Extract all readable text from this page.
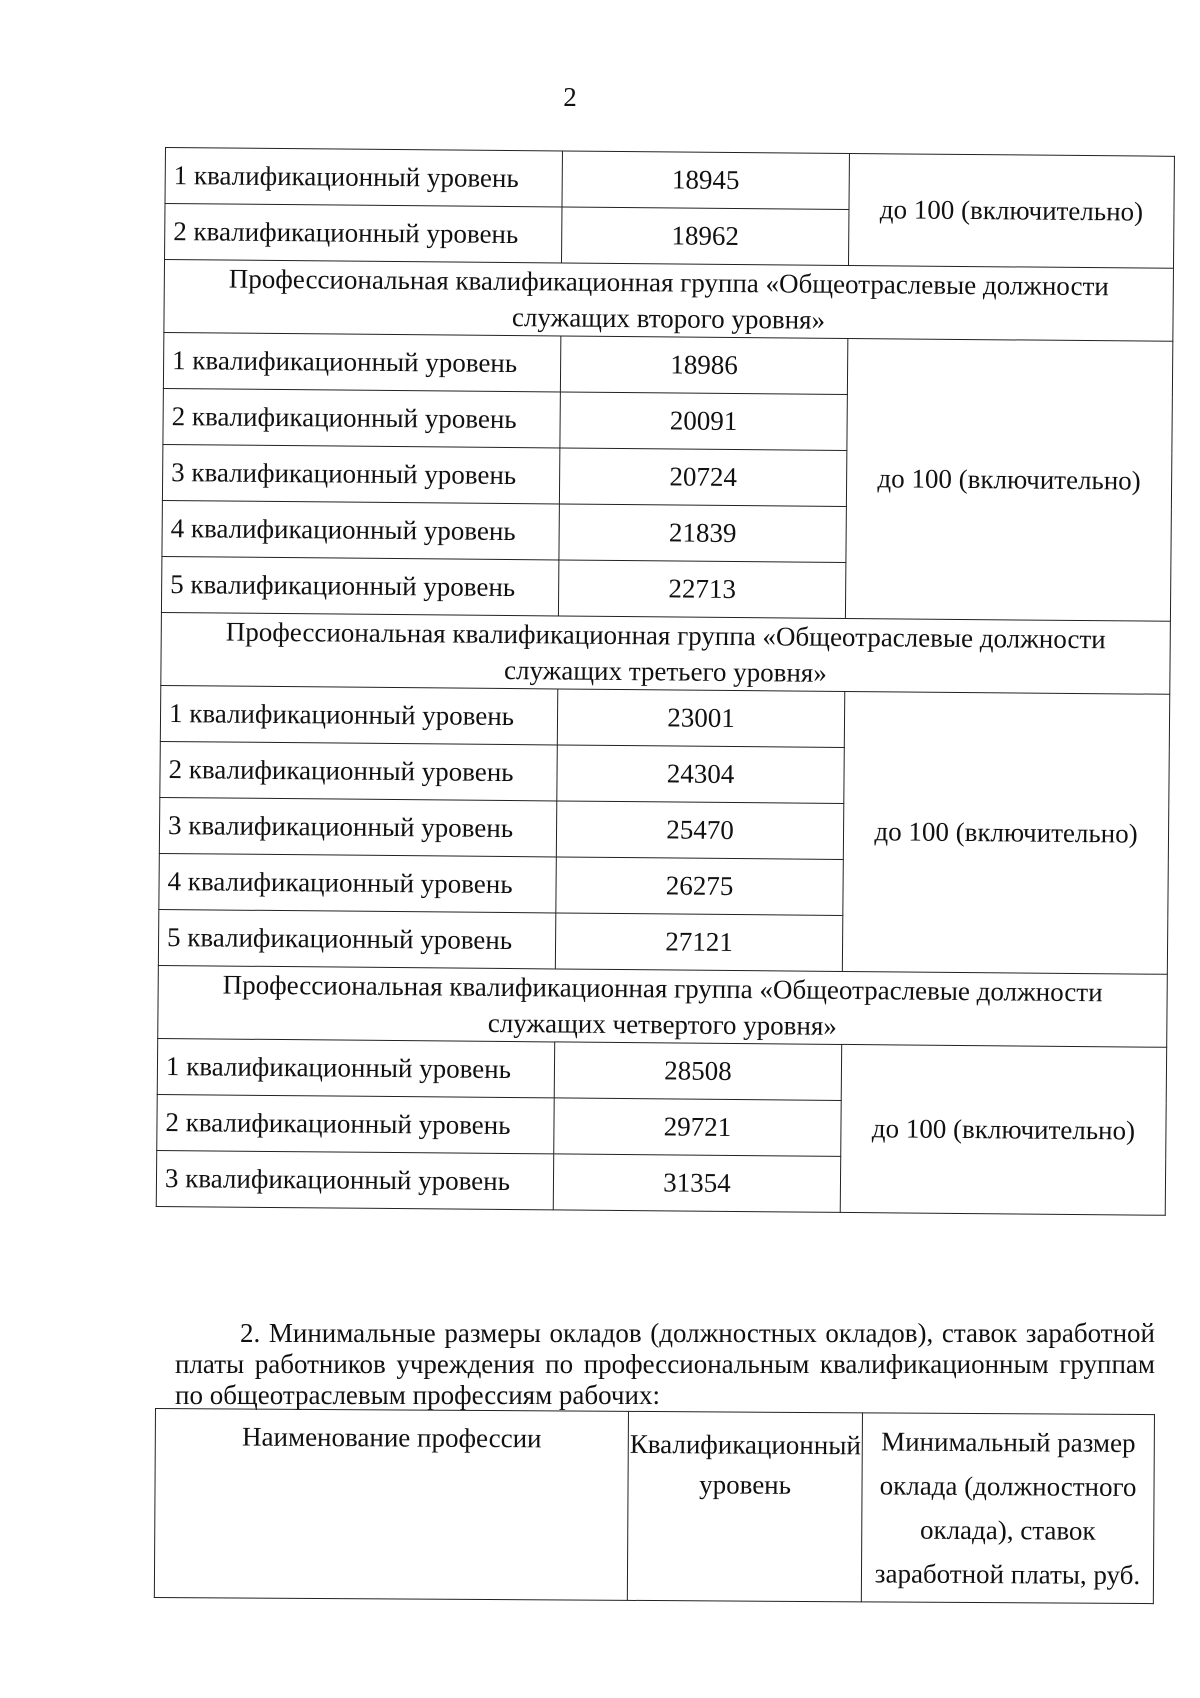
2
1 квалификационный уровень	18945	до 100 (включительно)
2 квалификационный уровень	18962	
Профессиональная квалификационная группа «Общеотраслевые должности служащих второго уровня»		
1 квалификационный уровень	18986	до 100 (включительно)
2 квалификационный уровень	20091	
3 квалификационный уровень	20724	
4 квалификационный уровень	21839	
5 квалификационный уровень	22713	
Профессиональная квалификационная группа «Общеотраслевые должности служащих третьего уровня»		
1 квалификационный уровень	23001	до 100 (включительно)
2 квалификационный уровень	24304	
3 квалификационный уровень	25470	
4 квалификационный уровень	26275	
5 квалификационный уровень	27121	
Профессиональная квалификационная группа «Общеотраслевые должности служащих четвертого уровня»		
1 квалификационный уровень	28508	до 100 (включительно)
2 квалификационный уровень	29721	
3 квалификационный уровень	31354	
2. Минимальные размеры окладов (должностных окладов), ставок заработной платы работников учреждения по профессиональным квалификационным группам по общеотраслевым профессиям рабочих:
Наименование профессии	Квалификационный уровень	Минимальный размер оклада (должностного оклада), ставок заработной платы, руб.
